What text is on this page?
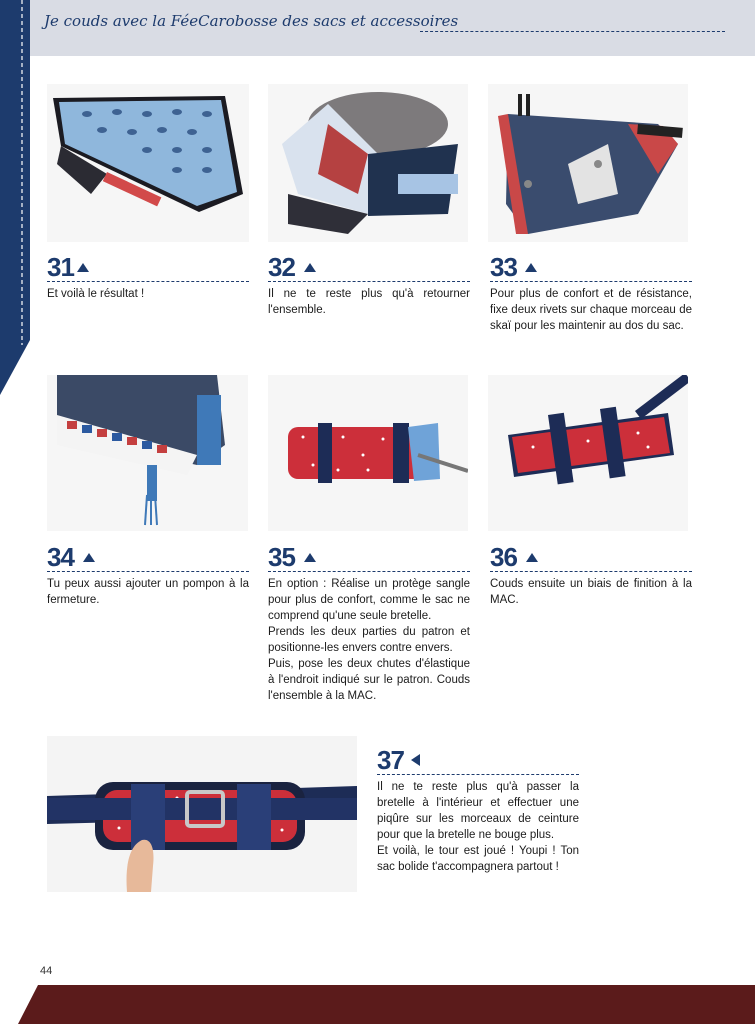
Je couds avec la FéeCarobosse des sacs et accessoires
31	32	33

Et voilà le résultat !	Il ne te reste plus qu'à retourner l'ensemble.

Pour plus de confort et de résistance, fixe deux rivets sur chaque morceau de skaï pour les maintenir au dos du sac.

34	35	36

Tu peux aussi ajouter un pompon à la fermeture.

En option : Réalise un protège sangle pour plus de confort, comme le sac ne comprend qu'une seule bretelle.

Prends les deux parties du patron et positionne-les envers contre envers.

Puis, pose les deux chutes d'élastique à l'endroit indiqué sur le patron. Couds l'ensemble à la MAC.

Couds ensuite un biais de finition à la MAC.

37

Il ne te reste plus qu'à passer la bretelle à l'intérieur et effectuer une piqûre sur les morceaux de ceinture pour que la bretelle ne bouge plus.

Et voilà, le tour est joué ! Youpi ! Ton sac bolide t'accompagnera partout !

44
